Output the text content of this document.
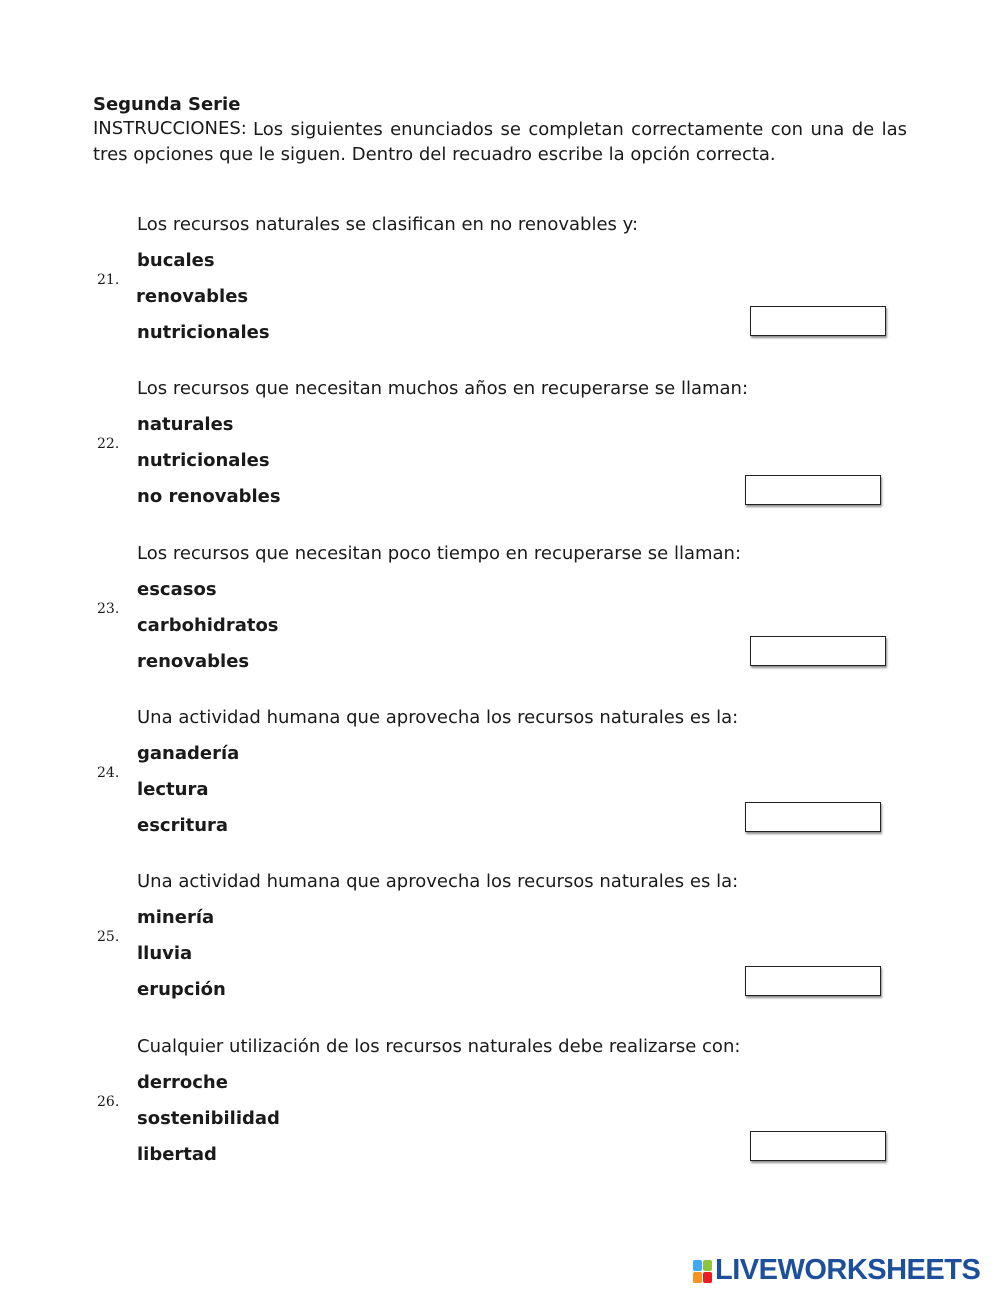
Segunda Serie
INSTRUCCIONES: Los siguientes enunciados se completan correctamente con una de las tres opciones que le siguen. Dentro del recuadro escribe la opción correcta.
21.
Los recursos naturales se clasifican en no renovables y:
bucales
renovables
nutricionales
22.
Los recursos que necesitan muchos años en recuperarse se llaman:
naturales
nutricionales
no renovables
23.
Los recursos que necesitan poco tiempo en recuperarse se llaman:
escasos
carbohidratos
renovables
24.
Una actividad humana que aprovecha los recursos naturales es la:
ganadería
lectura
escritura
25.
Una actividad humana que aprovecha los recursos naturales es la:
minería
lluvia
erupción
26.
Cualquier utilización de los recursos naturales debe realizarse con:
derroche
sostenibilidad
libertad
LIVEWORKSHEETS
